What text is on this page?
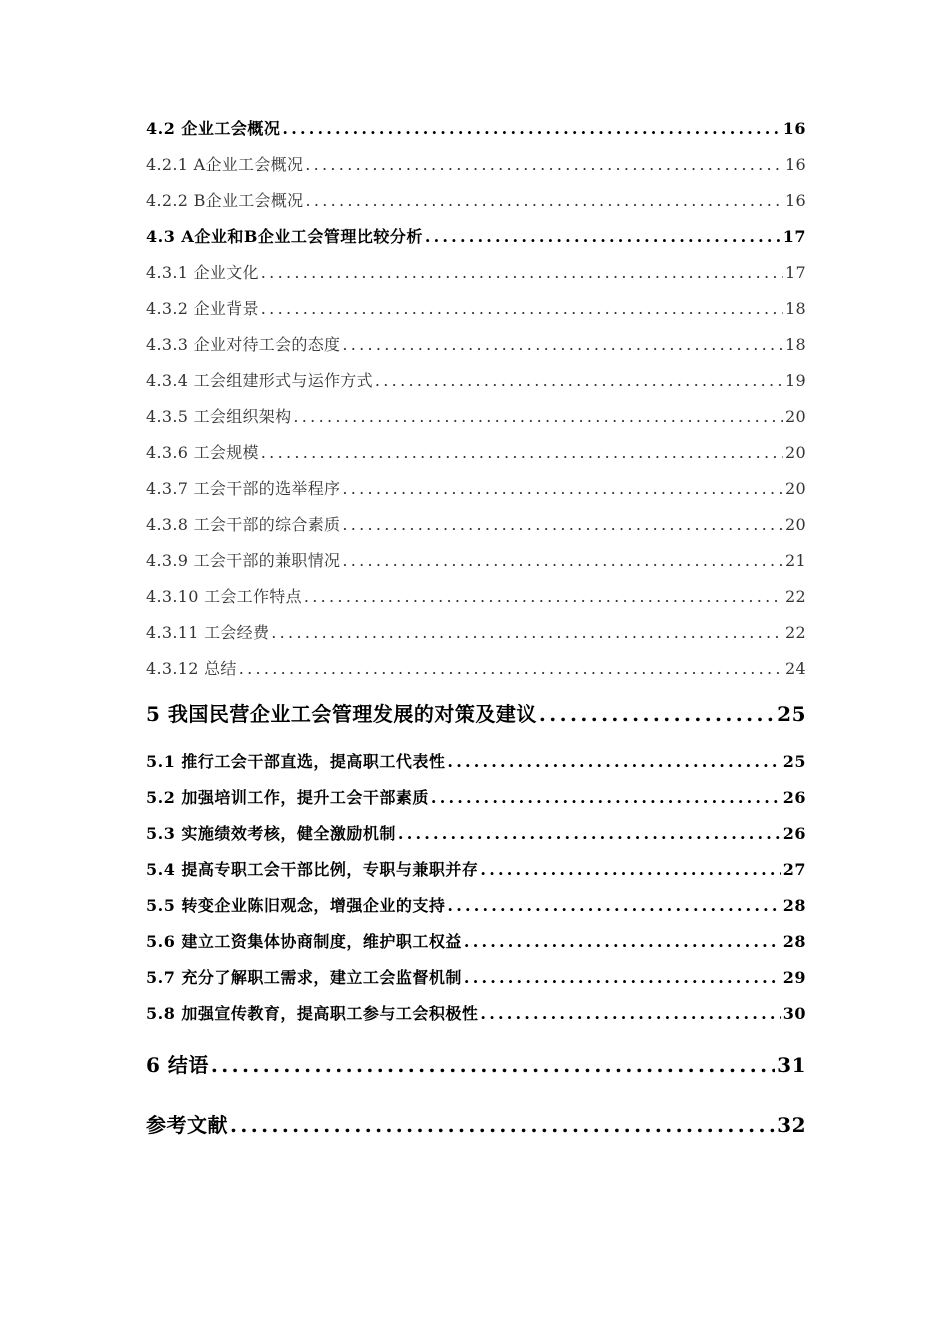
4.2 企业工会概况 .....	16
4.2.1 A企业工会概况 .....	16
4.2.2 B企业工会概况 .....	16
4.3 A企业和B企业工会管理比较分析 .....	17
4.3.1 企业文化 .....	17
4.3.2 企业背景 .....	18
4.3.3 企业对待工会的态度 .....	18
4.3.4 工会组建形式与运作方式 .....	19
4.3.5 工会组织架构 .....	20
4.3.6 工会规模 .....	20
4.3.7 工会干部的选举程序 .....	20
4.3.8 工会干部的综合素质 .....	20
4.3.9 工会干部的兼职情况 .....	21
4.3.10 工会工作特点 .....	22
4.3.11 工会经费 .....	22
4.3.12 总结 .....	24
5 我国民营企业工会管理发展的对策及建议 .....	25
5.1 推行工会干部直选，提高职工代表性 .....	25
5.2 加强培训工作，提升工会干部素质 .....	26
5.3 实施绩效考核，健全激励机制 .....	26
5.4 提高专职工会干部比例，专职与兼职并存 .....	27
5.5 转变企业陈旧观念，增强企业的支持 .....	28
5.6 建立工资集体协商制度，维护职工权益 .....	28
5.7 充分了解职工需求，建立工会监督机制 .....	29
5.8 加强宣传教育，提高职工参与工会积极性 .....	30
6 结语 .....	31
参考文献 .....	32
